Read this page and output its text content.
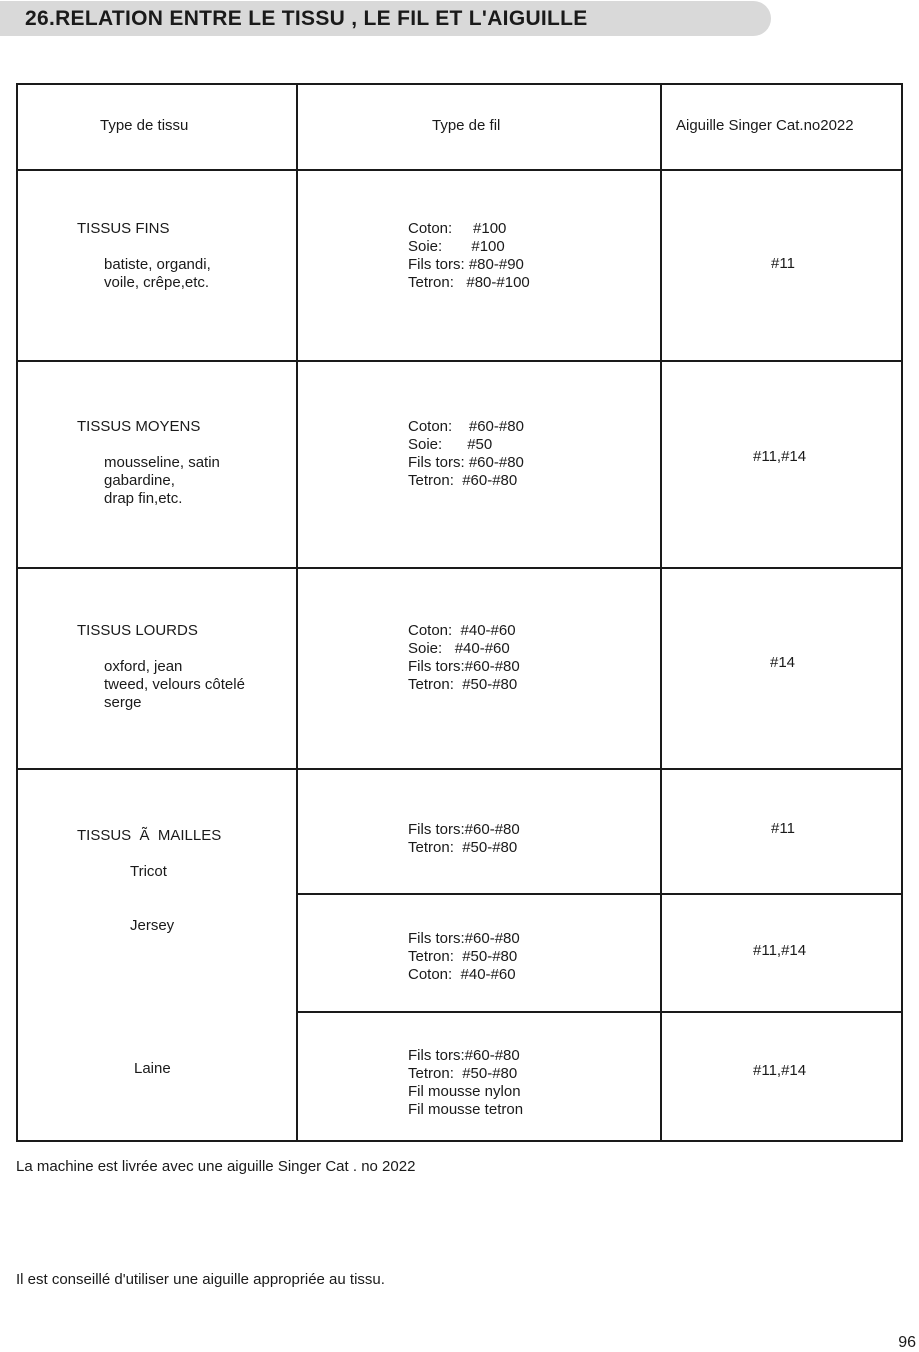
26.RELATION ENTRE LE TISSU , LE FIL ET L'AIGUILLE
Type de tissu	Type de fil	Aiguille Singer Cat.no2022
TISSUS FINS
batiste, organdi,
voile, crêpe,etc.
Coton:     #100
Soie:       #100
Fils tors: #80-#90
Tetron:   #80-#100
#11
TISSUS MOYENS
mousseline, satin
gabardine,
drap fin,etc.
Coton:    #60-#80
Soie:      #50
Fils tors: #60-#80
Tetron:  #60-#80
#11,#14
TISSUS LOURDS
oxford, jean
tweed, velours côtelé
serge
Coton:  #40-#60
Soie:   #40-#60
Fils tors:#60-#80
Tetron:  #50-#80
#14
TISSUS  Ã  MAILLES
Tricot
Jersey
Laine
Fils tors:#60-#80
Tetron:  #50-#80
#11
Fils tors:#60-#80
Tetron:  #50-#80
Coton:  #40-#60
#11,#14
Fils tors:#60-#80
Tetron:  #50-#80
Fil mousse nylon
Fil mousse tetron
#11,#14
La machine est livrée avec une aiguille Singer Cat . no 2022
Il est conseillé d'utiliser une aiguille appropriée au tissu.
96
